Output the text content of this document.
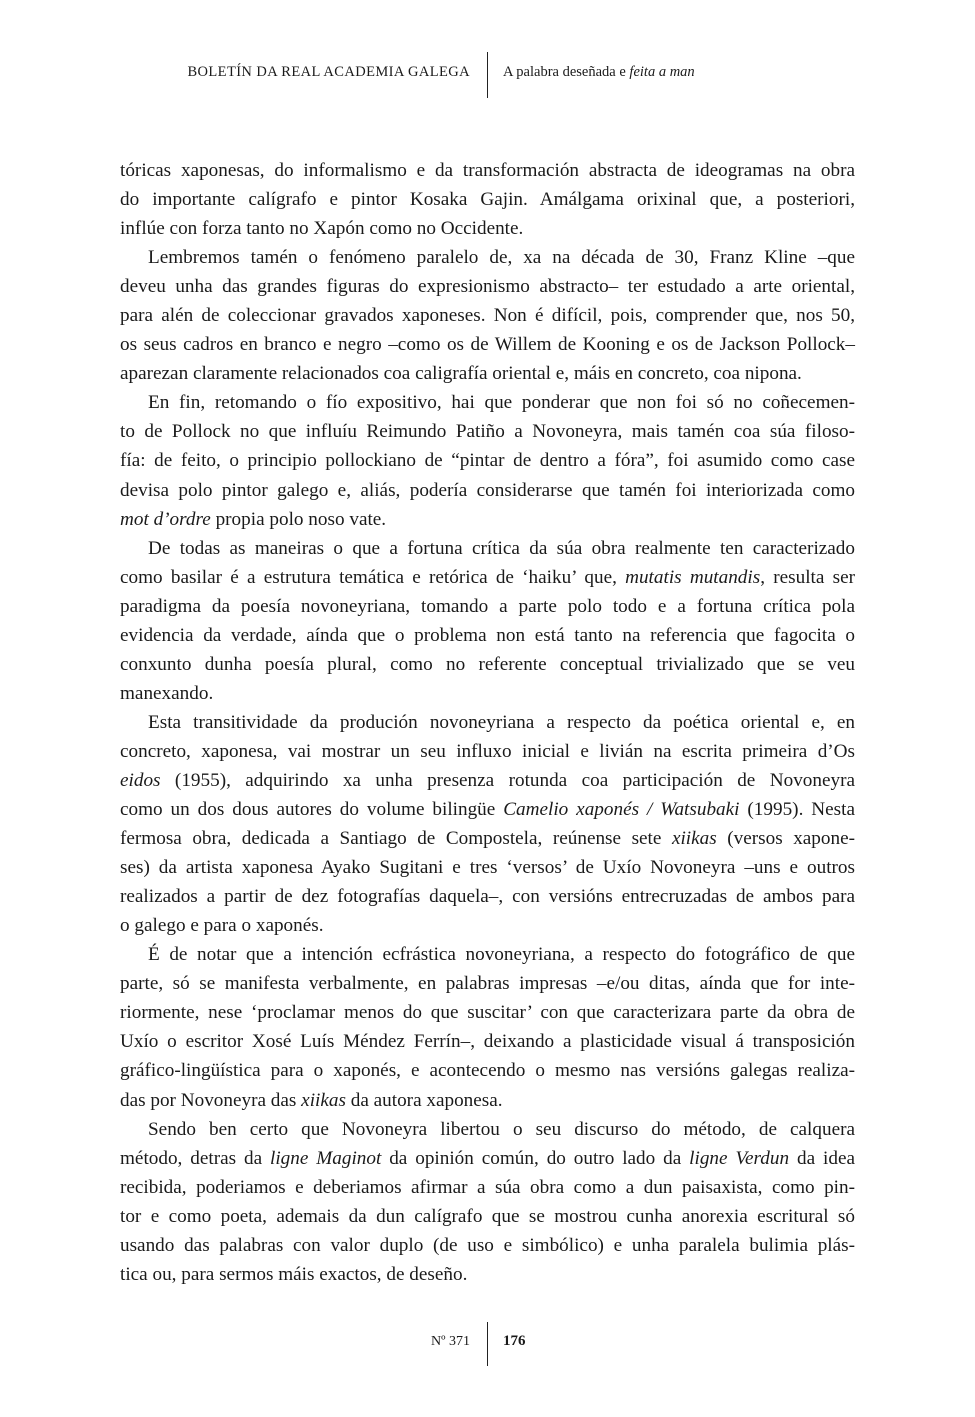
BOLETÍN DA REAL ACADEMIA GALEGA A palabra deseñada e feita a man
tóricas xaponesas, do informalismo e da transformación abstracta de ideogramas na obra
do importante calígrafo e pintor Kosaka Gajin. Amálgama orixinal que, a posteriori,
inflúe con forza tanto no Xapón como no Occidente.
Lembremos tamén o fenómeno paralelo de, xa na década de 30, Franz Kline –que
deveu unha das grandes figuras do expresionismo abstracto– ter estudado a arte oriental,
para alén de coleccionar gravados xaponeses. Non é difícil, pois, comprender que, nos 50,
os seus cadros en branco e negro –como os de Willem de Kooning e os de Jackson Pollock–
aparezan claramente relacionados coa caligrafía oriental e, máis en concreto, coa nipona.
En fin, retomando o fío expositivo, hai que ponderar que non foi só no coñecemen-
to de Pollock no que influíu Reimundo Patiño a Novoneyra, mais tamén coa súa filoso-
fía: de feito, o principio pollockiano de “pintar de dentro a fóra”, foi asumido como case
devisa polo pintor galego e, aliás, podería considerarse que tamén foi interiorizada como
mot d’ordre propia polo noso vate.
De todas as maneiras o que a fortuna crítica da súa obra realmente ten caracterizado
como basilar é a estrutura temática e retórica de ‘haiku’ que, mutatis mutandis, resulta ser
paradigma da poesía novoneyriana, tomando a parte polo todo e a fortuna crítica pola
evidencia da verdade, aínda que o problema non está tanto na referencia que fagocita o
conxunto dunha poesía plural, como no referente conceptual trivializado que se veu
manexando.
Esta transitividade da produción novoneyriana a respecto da poética oriental e, en
concreto, xaponesa, vai mostrar un seu influxo inicial e livián na escrita primeira d’Os
eidos (1955), adquirindo xa unha presenza rotunda coa participación de Novoneyra
como un dos dous autores do volume bilingüe Camelio xaponés / Watsubaki (1995). Nesta
fermosa obra, dedicada a Santiago de Compostela, reúnense sete xiikas (versos xapone-
ses) da artista xaponesa Ayako Sugitani e tres ‘versos’ de Uxío Novoneyra –uns e outros
realizados a partir de dez fotografías daquela–, con versións entrecruzadas de ambos para
o galego e para o xaponés.
É de notar que a intención ecfrástica novoneyriana, a respecto do fotográfico de que
parte, só se manifesta verbalmente, en palabras impresas –e/ou ditas, aínda que for inte-
riormente, nese ‘proclamar menos do que suscitar’ con que caracterizara parte da obra de
Uxío o escritor Xosé Luís Méndez Ferrín–, deixando a plasticidade visual á transposición
gráfico-lingüística para o xaponés, e acontecendo o mesmo nas versións galegas realiza-
das por Novoneyra das xiikas da autora xaponesa.
Sendo ben certo que Novoneyra libertou o seu discurso do método, de calquera
método, detras da ligne Maginot da opinión común, do outro lado da ligne Verdun da idea
recibida, poderiamos e deberiamos afirmar a súa obra como a dun paisaxista, como pin-
tor e como poeta, ademais da dun calígrafo que se mostrou cunha anorexia escritural só
usando das palabras con valor duplo (de uso e simbólico) e unha paralela bulimia plás-
tica ou, para sermos máis exactos, de deseño.
Nº 371 176
